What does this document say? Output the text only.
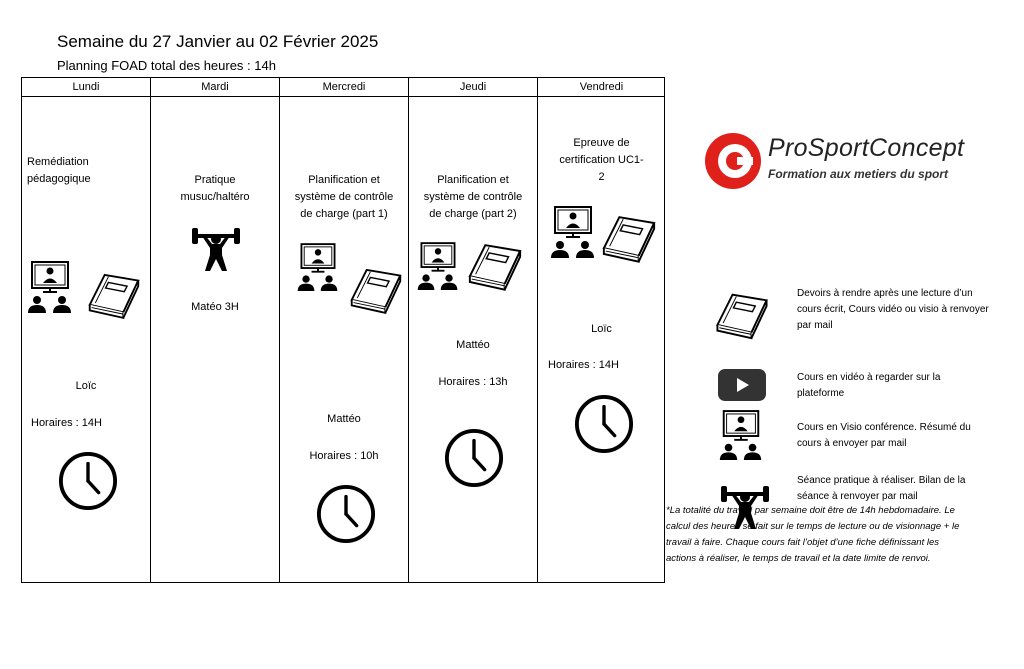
Semaine du 27 Janvier au 02 Février 2025
Planning FOAD total des heures : 14h
Lundi
Remédiation pédagogique
Loïc
Horaires : 14H
Mardi
Pratique musuc/haltéro
Matéo 3H
Mercredi
Planification et système de contrôle de charge (part 1)
Mattéo
Horaires : 10h
Jeudi
Planification et système de contrôle de charge (part 2)
Mattéo
Horaires : 13h
Vendredi
Epreuve de certification UC1-2
Loïc
Horaires : 14H
ProSportConcept
Formation aux metiers du sport
Devoirs à rendre après une lecture d’un cours écrit, Cours vidéo ou visio à renvoyer par mail
Cours en vidéo à regarder sur la plateforme
Cours en Visio conférence. Résumé du cours à envoyer par mail
Séance pratique à réaliser. Bilan de la séance à renvoyer par mail
*La totalité du travail par semaine doit être de 14h hebdomadaire. Le calcul des heures se fait sur le temps de lecture ou de visionnage + le travail à faire. Chaque cours fait l’objet d’une fiche définissant les actions à réaliser, le temps de travail et la date limite de renvoi.
